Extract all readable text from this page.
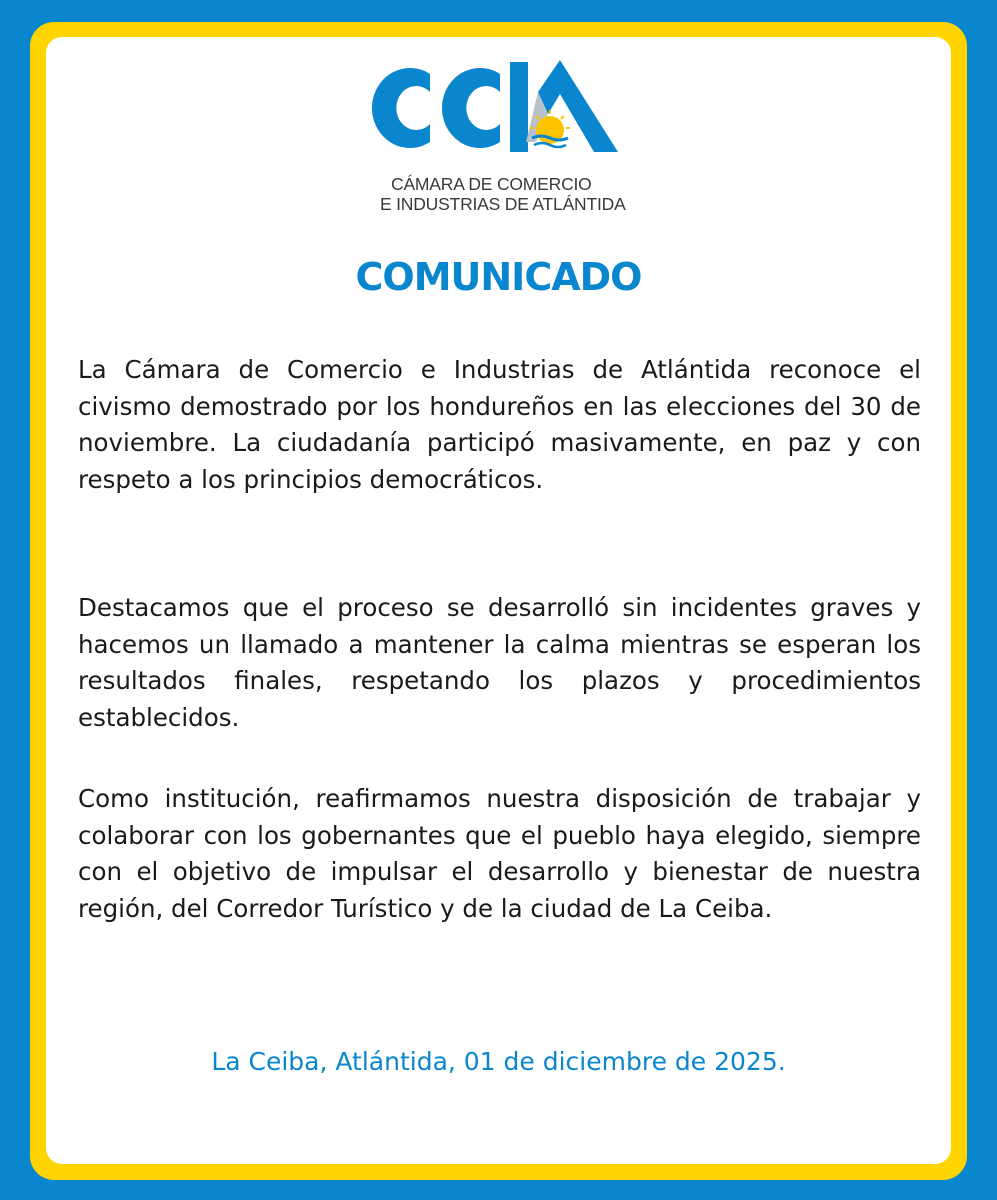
CÁMARA DE COMERCIO
E INDUSTRIAS DE ATLÁNTIDA
COMUNICADO

La Cámara de Comercio e Industrias de Atlántida reconoce el civismo demostrado por los hondureños en las elecciones del 30 de noviembre. La ciudadanía participó masivamente, en paz y con respeto a los principios democráticos.

Destacamos que el proceso se desarrolló sin incidentes graves y hacemos un llamado a mantener la calma mientras se esperan los resultados finales, respetando los plazos y procedimientos establecidos.

Como institución, reafirmamos nuestra disposición de trabajar y colaborar con los gobernantes que el pueblo haya elegido, siempre con el objetivo de impulsar el desarrollo y bienestar de nuestra región, del Corredor Turístico y de la ciudad de La Ceiba.

La Ceiba, Atlántida, 01 de diciembre de 2025.
